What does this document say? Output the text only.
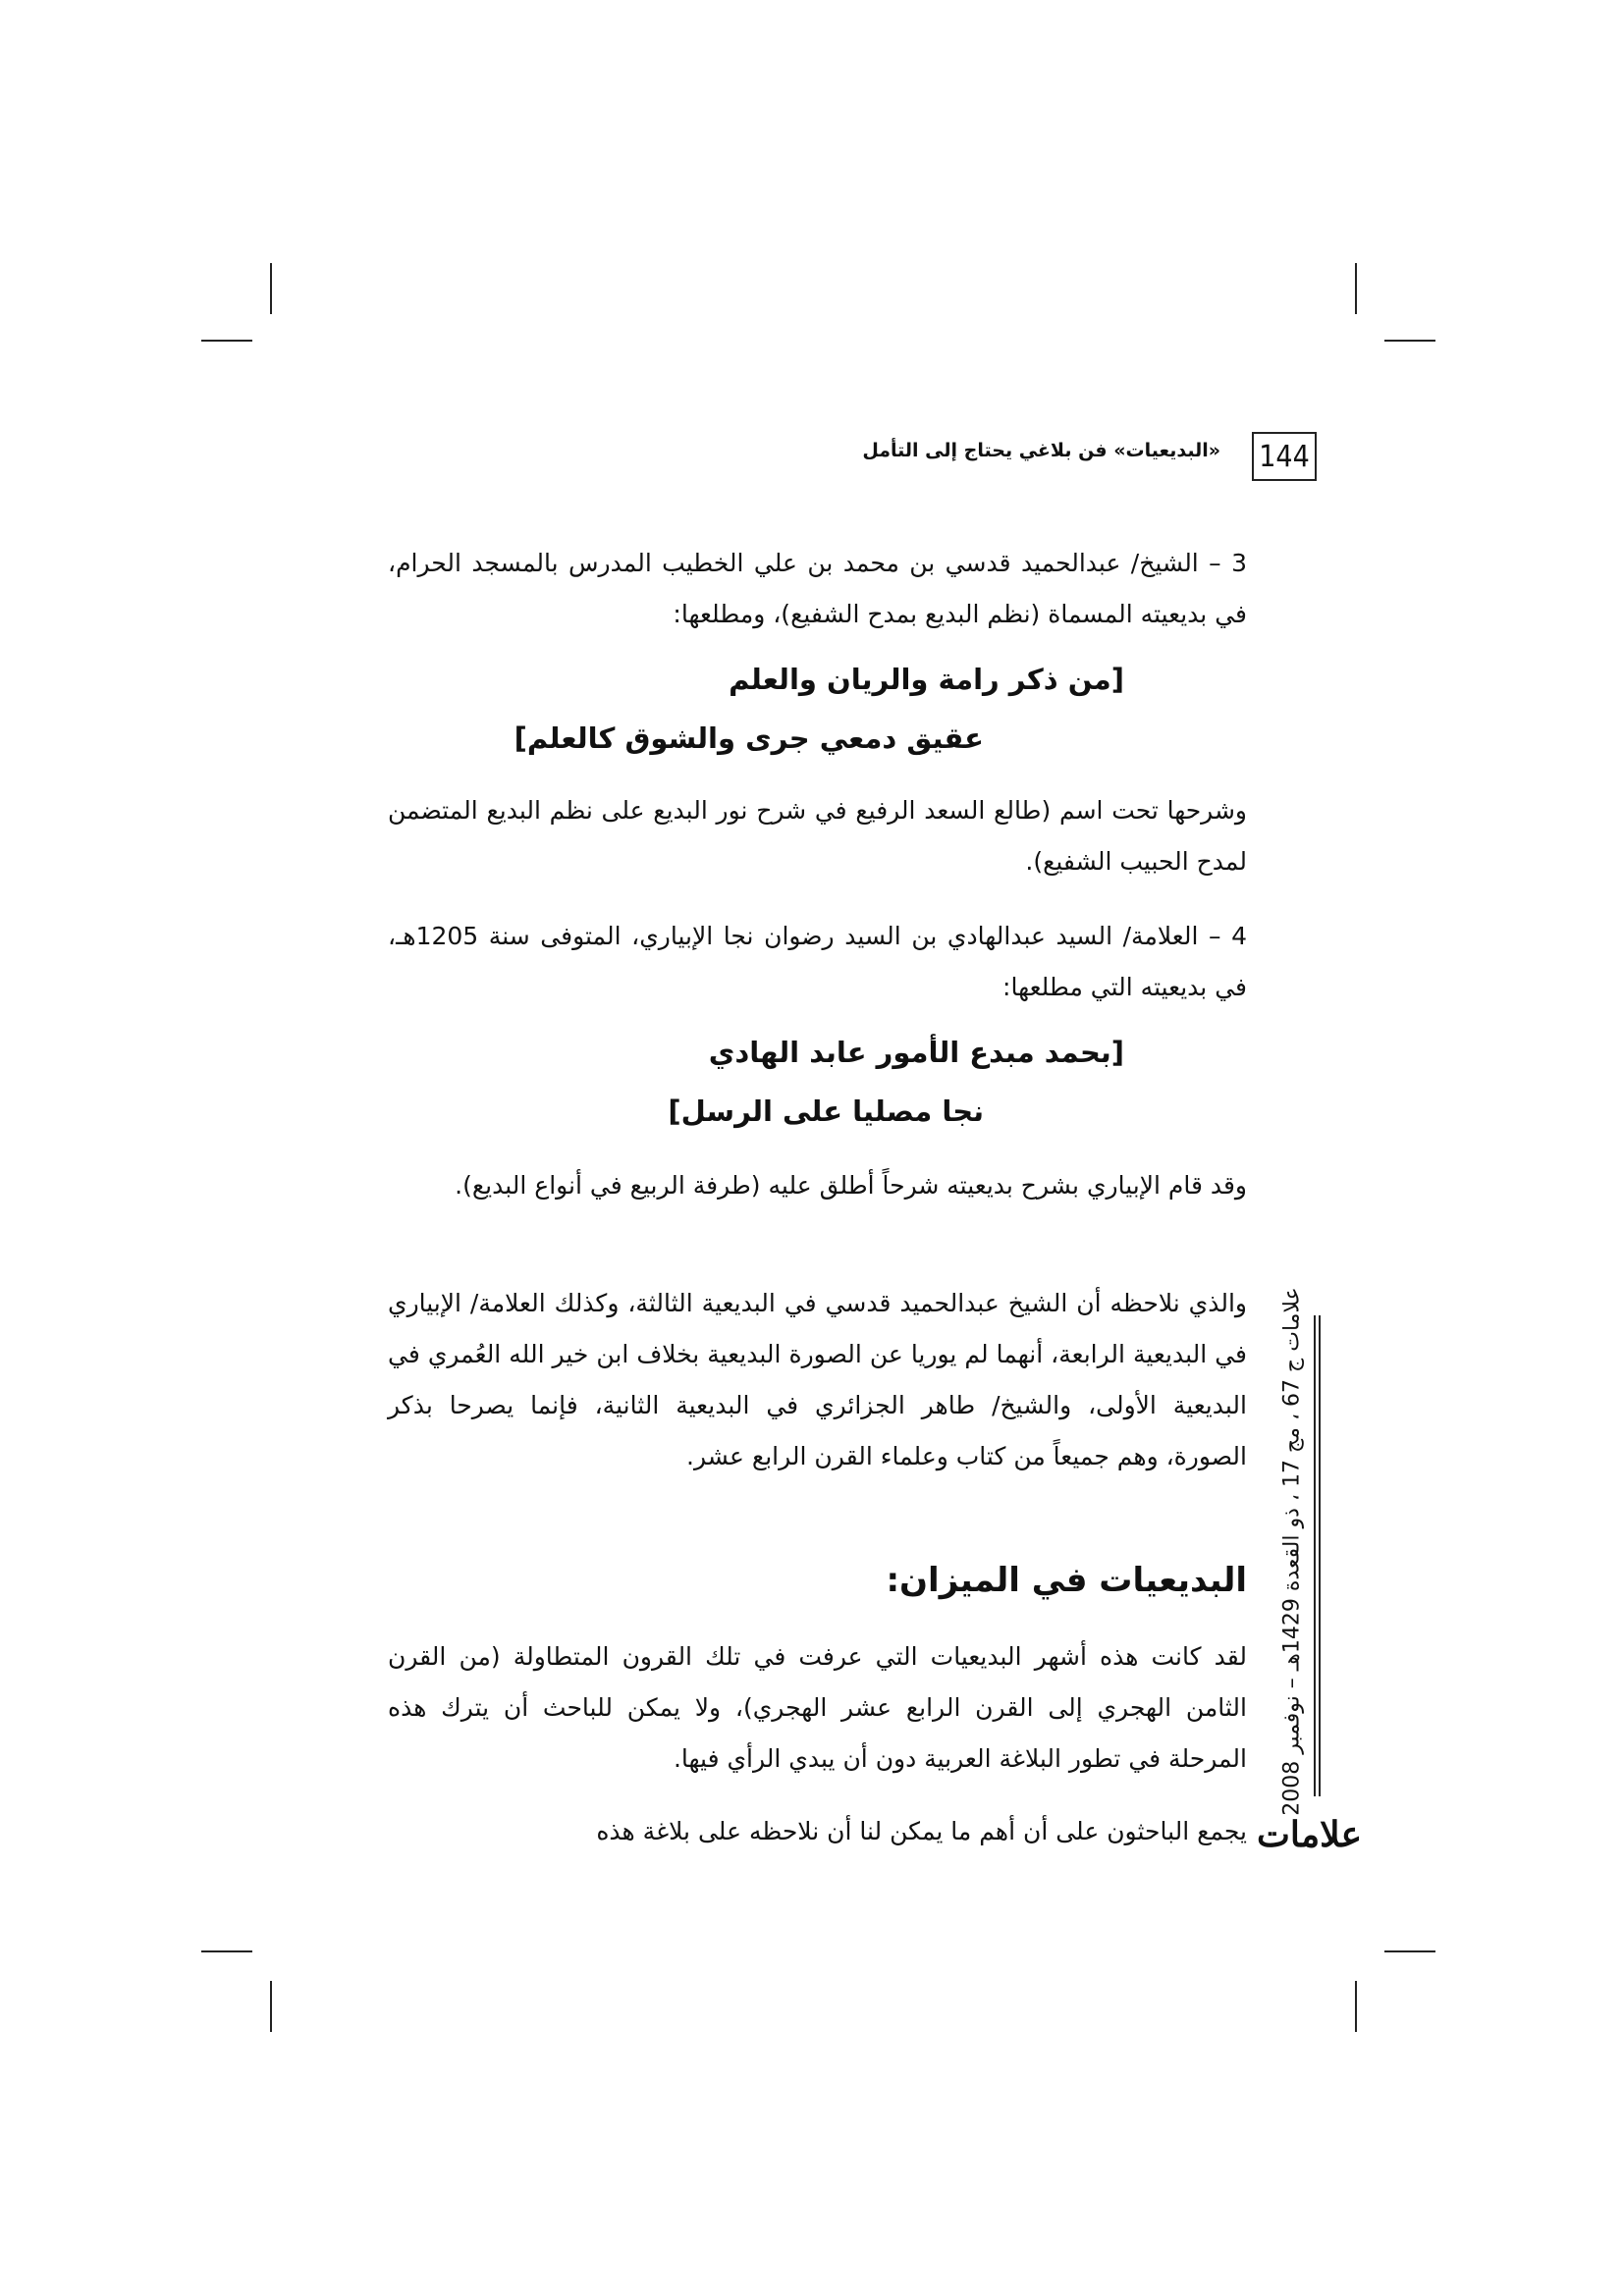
144
«البديعيات» فن بلاغي يحتاج إلى التأمل
3 – الشيخ/ عبدالحميد قدسي بن محمد بن علي الخطيب المدرس بالمسجد الحرام، في بديعيته المسماة (نظم البديع بمدح الشفيع)، ومطلعها:
[من ذكر رامة والريان والعلم
عقيق دمعي جرى والشوق كالعلم]
وشرحها تحت اسم (طالع السعد الرفيع في شرح نور البديع على نظم البديع المتضمن لمدح الحبيب الشفيع).
4 – العلامة/ السيد عبدالهادي بن السيد رضوان نجا الإبياري، المتوفى سنة 1205هـ، في بديعيته التي مطلعها:
[بحمد مبدع الأمور عابد الهادي
نجا مصليا على الرسل]
وقد قام الإبياري بشرح بديعيته شرحاً أطلق عليه (طرفة الربيع في أنواع البديع).
والذي نلاحظه أن الشيخ عبدالحميد قدسي في البديعية الثالثة، وكذلك العلامة/ الإبياري في البديعية الرابعة، أنهما لم يوريا عن الصورة البديعية بخلاف ابن خير الله العُمري في البديعية الأولى، والشيخ/ طاهر الجزائري في البديعية الثانية، فإنما يصرحا بذكر الصورة، وهم جميعاً من كتاب وعلماء القرن الرابع عشر.
البديعيات في الميزان:
لقد كانت هذه أشهر البديعيات التي عرفت في تلك القرون المتطاولة (من القرن الثامن الهجري إلى القرن الرابع عشر الهجري)، ولا يمكن للباحث أن يترك هذه المرحلة في تطور البلاغة العربية دون أن يبدي الرأي فيها.
يجمع الباحثون على أن أهم ما يمكن لنا أن نلاحظه على بلاغة هذه
علامات ج 67 ، مج 17 ، ذو القعدة 1429هـ – نوفمبر 2008
علامات
